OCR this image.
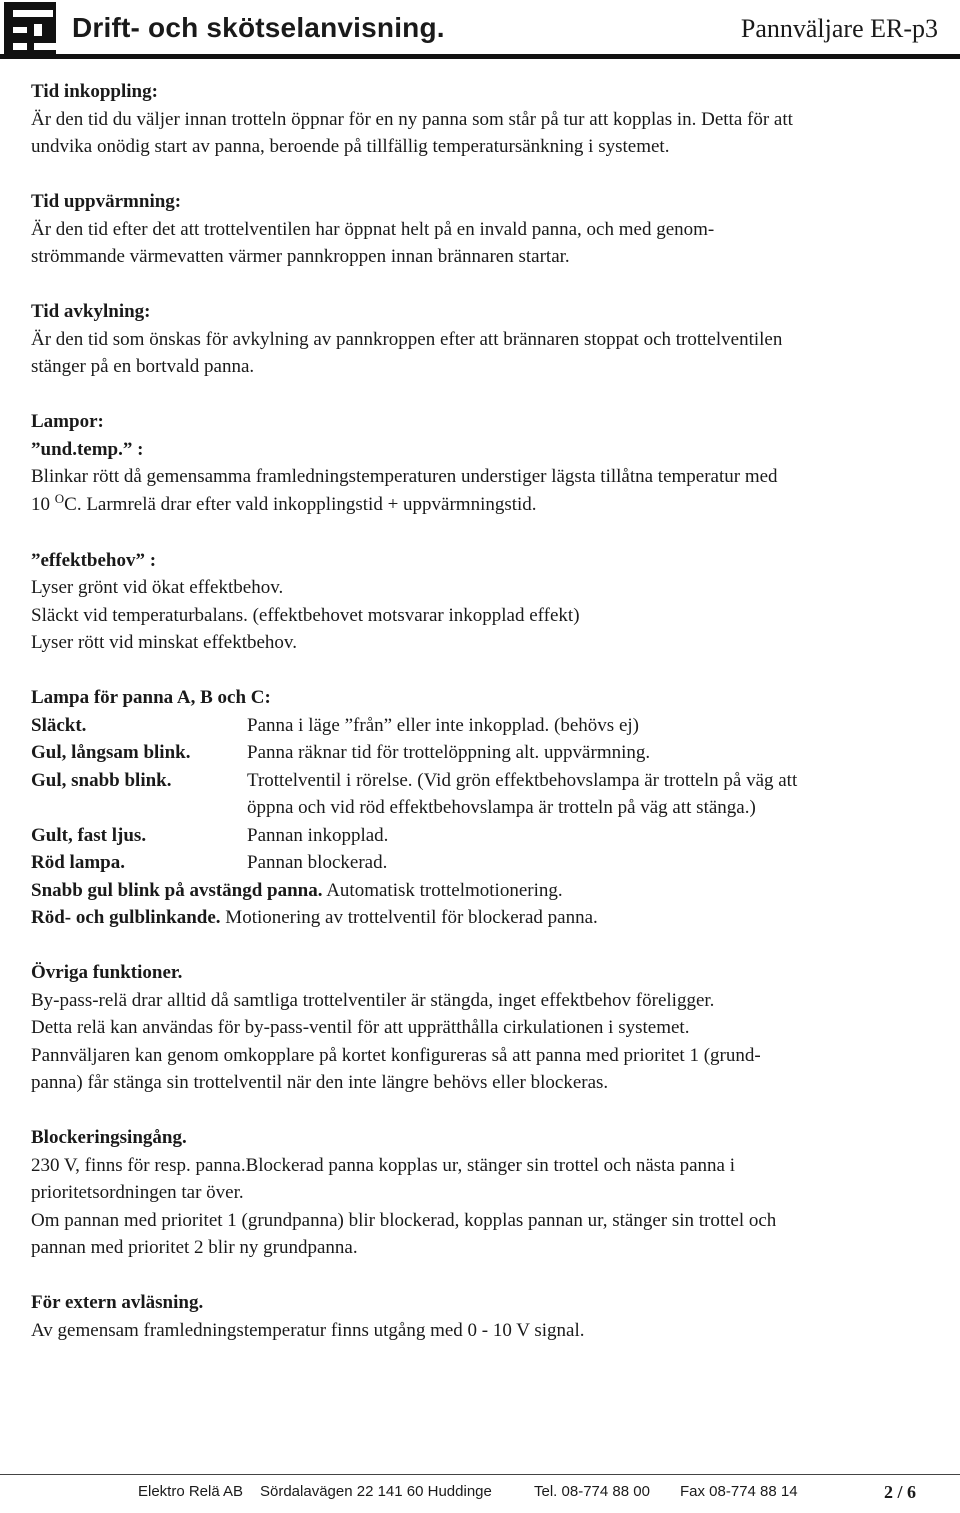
Drift- och skötselanvisning.	Pannväljare ER-p3
Tid inkoppling:
Är den tid du väljer innan trotteln öppnar för en ny panna som står på tur att kopplas in. Detta för att
undvika onödig start av panna, beroende på tillfällig temperatursänkning i systemet.
Tid uppvärmning:
Är den tid efter det att trottelventilen har öppnat helt på en invald panna, och med genom-
strömmande värmevatten värmer pannkroppen innan brännaren startar.
Tid avkylning:
Är den tid som önskas för avkylning av pannkroppen efter att brännaren stoppat och trottelventilen
stänger på en bortvald panna.
Lampor:
”und.temp.” :
Blinkar rött då gemensamma framledningstemperaturen understiger lägsta tillåtna temperatur med
10 $^O$C. Larmrelä drar efter vald inkopplingstid + uppvärmningstid.
”effektbehov” :
Lyser grönt vid ökat effektbehov.
Släckt vid temperaturbalans. (effektbehovet motsvarar inkopplad effekt)
Lyser rött vid minskat effektbehov.
Lampa för panna A, B och C:
Släckt.	Panna i läge ”från” eller inte inkopplad. (behövs ej)
Gul, långsam blink.	Panna räknar tid för trottelöppning alt. uppvärmning.
Gul, snabb blink.	Trottelventil i rörelse. (Vid grön effektbehovslampa är trotteln på väg att
öppna och vid röd effektbehovslampa är trotteln på väg att stänga.)
Gult, fast ljus.	Pannan inkopplad.
Röd lampa.	Pannan blockerad.
Snabb gul blink på avstängd panna. Automatisk trottelmotionering.
Röd- och gulblinkande. Motionering av trottelventil för blockerad panna.
Övriga funktioner.
By-pass-relä drar alltid då samtliga trottelventiler är stängda, inget effektbehov föreligger.
Detta relä kan användas för by-pass-ventil för att upprätthålla cirkulationen i systemet.
Pannväljaren kan genom omkopplare på kortet konfigureras så att panna med prioritet 1 (grund-
panna) får stänga sin trottelventil när den inte längre behövs eller blockeras.
Blockeringsingång.
230 V, finns för resp. panna.Blockerad panna kopplas ur, stänger sin trottel och nästa panna i
prioritetsordningen tar över.
Om pannan med prioritet 1 (grundpanna) blir blockerad, kopplas pannan ur, stänger sin trottel och
pannan med prioritet 2 blir ny grundpanna.
För extern avläsning.
Av gemensam framledningstemperatur finns utgång med 0 - 10 V signal.
Elektro Relä AB Sördalavägen 22 141 60 Huddinge	Tel. 08-774 88 00 Fax 08-774 88 14	2 / 6
